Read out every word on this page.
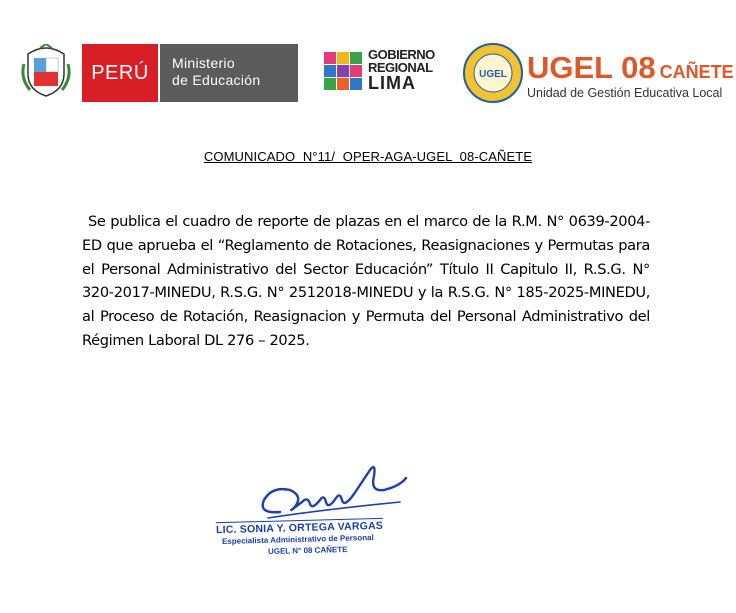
PERÚ Ministerio
de Educación
GOBIERNO
REGIONAL
LIMA	UGEL UGEL 08 CAÑETE
Unidad de Gestión Educativa Local
COMUNICADO N°11/ OPER-AGA-UGEL 08-CAÑETE

Se publica el cuadro de reporte de plazas en el marco de la R.M. N° 0639-2004-ED que aprueba el “Reglamento de Rotaciones, Reasignaciones y Permutas para el Personal Administrativo del Sector Educación” Título II Capitulo II, R.S.G. N° 320-2017-MINEDU, R.S.G. N° 2512018-MINEDU y la R.S.G. N° 185-2025-MINEDU, al Proceso de Rotación, Reasignacion y Permuta del Personal Administrativo del Régimen Laboral DL 276 – 2025.

LIC. SONIA Y. ORTEGA VARGAS
Especialista Administrativo de Personal
UGEL N° 08 CAÑETE
